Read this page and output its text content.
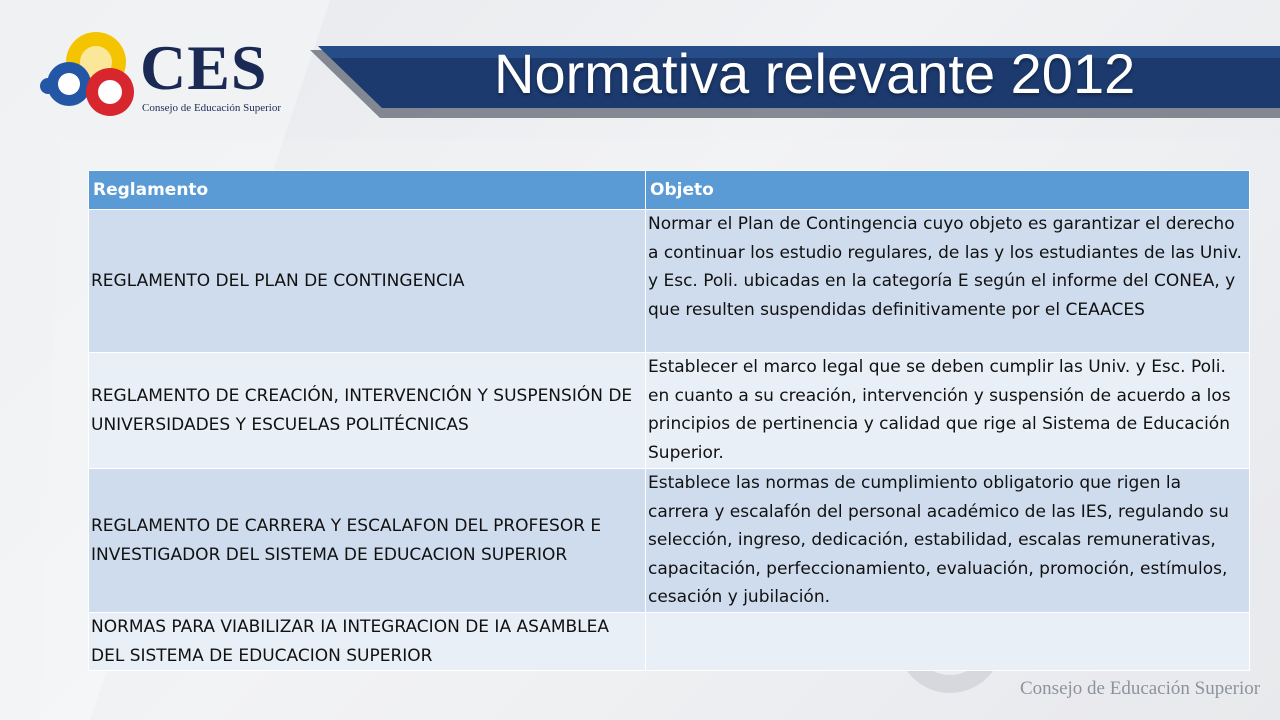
CES
Consejo de Educación Superior
Normativa relevante 2012
Consejo de Educación Superior
Reglamento	Objeto
REGLAMENTO DEL PLAN DE CONTINGENCIA	Normar el Plan de Contingencia cuyo objeto es garantizar el derecho a continuar los estudio regulares, de las y los estudiantes de las Univ. y Esc. Poli. ubicadas en la categoría E según el informe del CONEA, y que resulten suspendidas definitivamente por el CEAACES
REGLAMENTO DE CREACIÓN, INTERVENCIÓN Y SUSPENSIÓN DE UNIVERSIDADES Y ESCUELAS POLITÉCNICAS	Establecer el marco legal que se deben cumplir las Univ. y Esc. Poli. en cuanto a su creación, intervención y suspensión de acuerdo a los principios de pertinencia y calidad que rige al Sistema de Educación Superior.
REGLAMENTO DE CARRERA Y ESCALAFON DEL PROFESOR E INVESTIGADOR DEL SISTEMA DE EDUCACION SUPERIOR	Establece las normas de cumplimiento obligatorio que rigen la carrera y escalafón del personal académico de las IES, regulando su selección, ingreso, dedicación, estabilidad, escalas remunerativas, capacitación, perfeccionamiento, evaluación, promoción, estímulos, cesación y jubilación.
NORMAS PARA VIABILIZAR IA INTEGRACION DE IA ASAMBLEA DEL SISTEMA DE EDUCACION SUPERIOR	
